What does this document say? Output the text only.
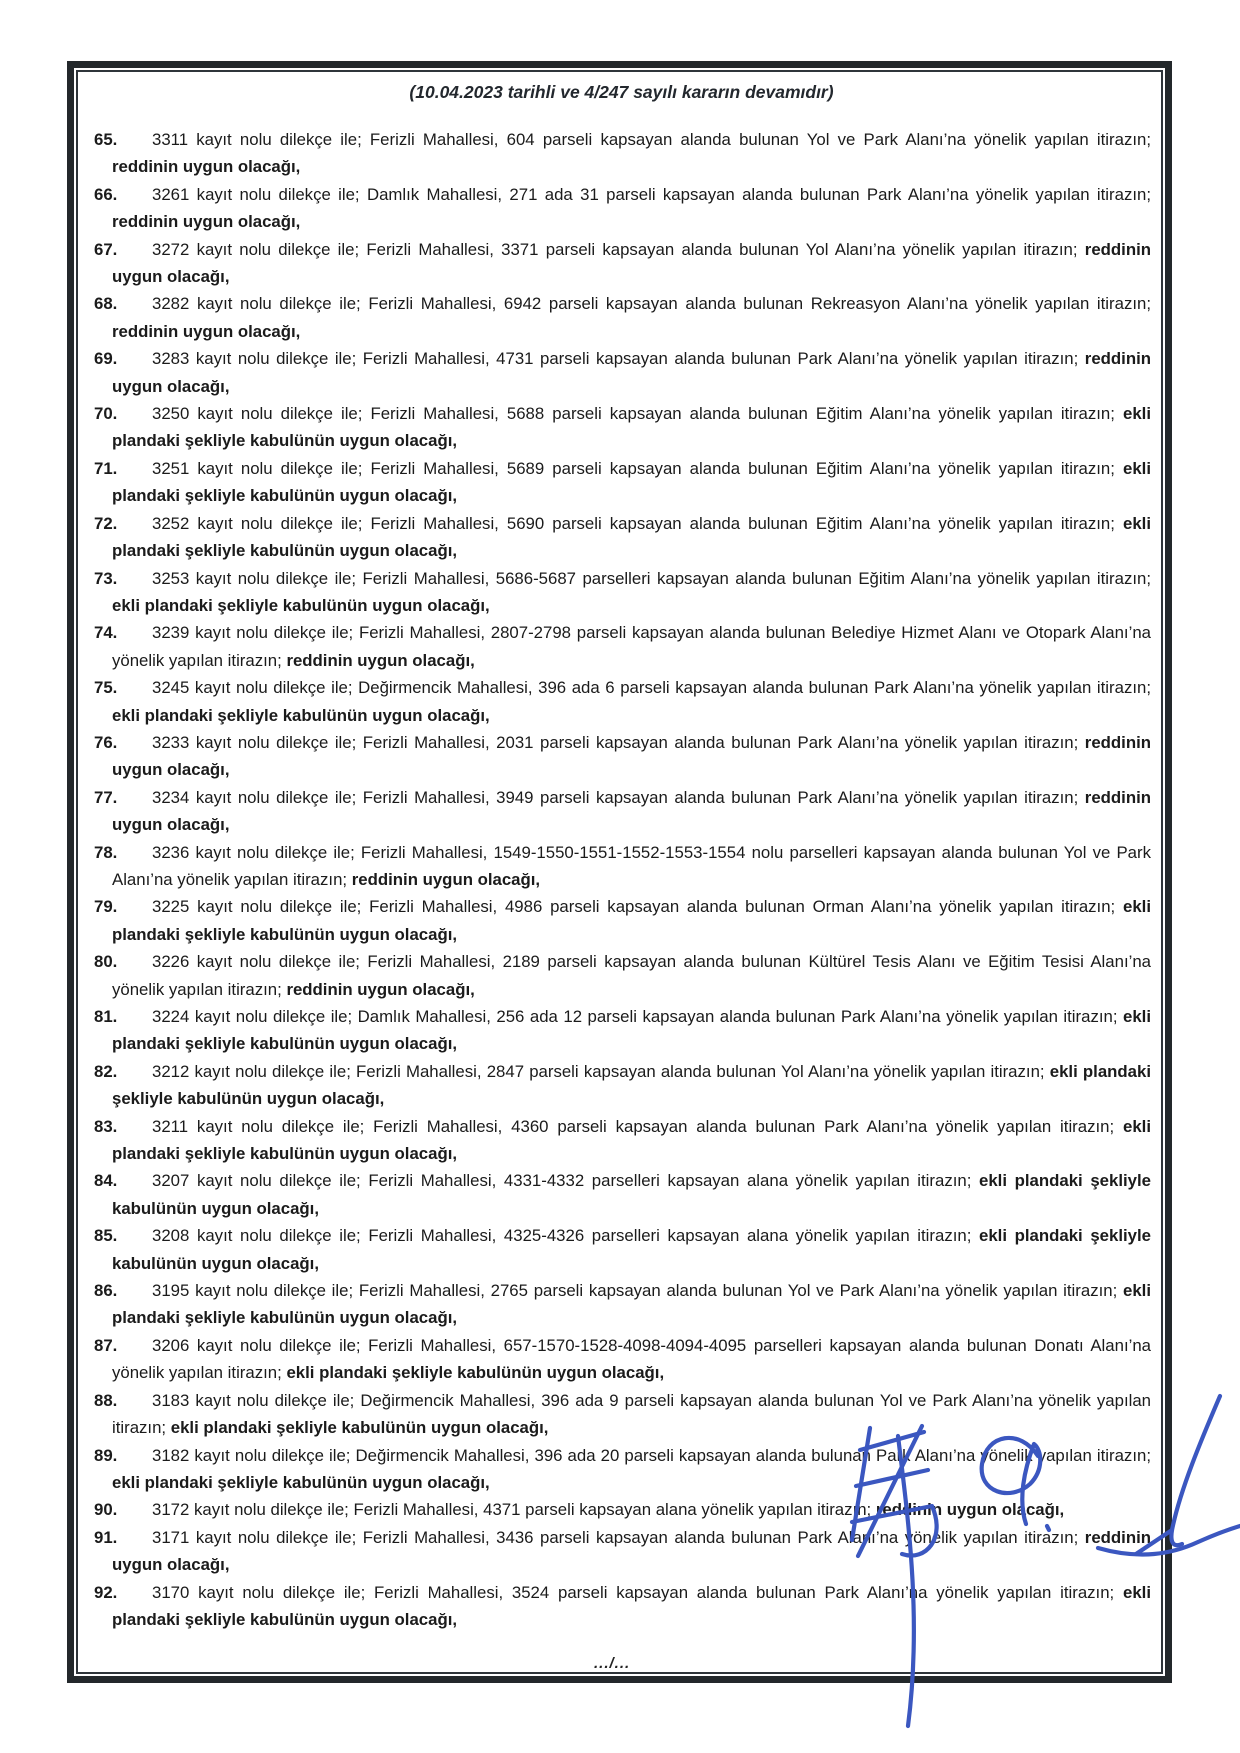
(10.04.2023 tarihli ve 4/247 sayılı kararın devamıdır)
65.	3311 kayıt nolu dilekçe ile; Ferizli Mahallesi, 604 parseli kapsayan alanda bulunan Yol ve Park Alanı’na yönelik yapılan itirazın; reddinin uygun olacağı,
66.	3261 kayıt nolu dilekçe ile; Damlık Mahallesi, 271 ada 31 parseli kapsayan alanda bulunan Park Alanı’na yönelik yapılan itirazın; reddinin uygun olacağı,
67.	3272 kayıt nolu dilekçe ile; Ferizli Mahallesi, 3371 parseli kapsayan alanda bulunan Yol Alanı’na yönelik yapılan itirazın; reddinin uygun olacağı,
68.	3282 kayıt nolu dilekçe ile; Ferizli Mahallesi, 6942 parseli kapsayan alanda bulunan Rekreasyon Alanı’na yönelik yapılan itirazın; reddinin uygun olacağı,
69.	3283 kayıt nolu dilekçe ile; Ferizli Mahallesi, 4731 parseli kapsayan alanda bulunan Park Alanı’na yönelik yapılan itirazın; reddinin uygun olacağı,
70.	3250 kayıt nolu dilekçe ile; Ferizli Mahallesi, 5688 parseli kapsayan alanda bulunan Eğitim Alanı’na yönelik yapılan itirazın; ekli plandaki şekliyle kabulünün uygun olacağı,
71.	3251 kayıt nolu dilekçe ile; Ferizli Mahallesi, 5689 parseli kapsayan alanda bulunan Eğitim Alanı’na yönelik yapılan itirazın; ekli plandaki şekliyle kabulünün uygun olacağı,
72.	3252 kayıt nolu dilekçe ile; Ferizli Mahallesi, 5690 parseli kapsayan alanda bulunan Eğitim Alanı’na yönelik yapılan itirazın; ekli plandaki şekliyle kabulünün uygun olacağı,
73.	3253 kayıt nolu dilekçe ile; Ferizli Mahallesi, 5686-5687 parselleri kapsayan alanda bulunan Eğitim Alanı’na yönelik yapılan itirazın; ekli plandaki şekliyle kabulünün uygun olacağı,
74.	3239 kayıt nolu dilekçe ile; Ferizli Mahallesi, 2807-2798 parseli kapsayan alanda bulunan Belediye Hizmet Alanı ve Otopark Alanı’na yönelik yapılan itirazın; reddinin uygun olacağı,
75.	3245 kayıt nolu dilekçe ile; Değirmencik Mahallesi, 396 ada 6 parseli kapsayan alanda bulunan Park Alanı’na yönelik yapılan itirazın; ekli plandaki şekliyle kabulünün uygun olacağı,
76.	3233 kayıt nolu dilekçe ile; Ferizli Mahallesi, 2031 parseli kapsayan alanda bulunan Park Alanı’na yönelik yapılan itirazın; reddinin uygun olacağı,
77.	3234 kayıt nolu dilekçe ile; Ferizli Mahallesi, 3949 parseli kapsayan alanda bulunan Park Alanı’na yönelik yapılan itirazın; reddinin uygun olacağı,
78.	3236 kayıt nolu dilekçe ile; Ferizli Mahallesi, 1549-1550-1551-1552-1553-1554 nolu parselleri kapsayan alanda bulunan Yol ve Park Alanı’na yönelik yapılan itirazın; reddinin uygun olacağı,
79.	3225 kayıt nolu dilekçe ile; Ferizli Mahallesi, 4986 parseli kapsayan alanda bulunan Orman Alanı’na yönelik yapılan itirazın; ekli plandaki şekliyle kabulünün uygun olacağı,
80.	3226 kayıt nolu dilekçe ile; Ferizli Mahallesi, 2189 parseli kapsayan alanda bulunan Kültürel Tesis Alanı ve Eğitim Tesisi Alanı’na yönelik yapılan itirazın; reddinin uygun olacağı,
81.	3224 kayıt nolu dilekçe ile; Damlık Mahallesi, 256 ada 12 parseli kapsayan alanda bulunan Park Alanı’na yönelik yapılan itirazın; ekli plandaki şekliyle kabulünün uygun olacağı,
82.	3212 kayıt nolu dilekçe ile; Ferizli Mahallesi, 2847 parseli kapsayan alanda bulunan Yol Alanı’na yönelik yapılan itirazın; ekli plandaki şekliyle kabulünün uygun olacağı,
83.	3211 kayıt nolu dilekçe ile; Ferizli Mahallesi, 4360 parseli kapsayan alanda bulunan Park Alanı’na yönelik yapılan itirazın; ekli plandaki şekliyle kabulünün uygun olacağı,
84.	3207 kayıt nolu dilekçe ile; Ferizli Mahallesi, 4331-4332 parselleri kapsayan alana yönelik yapılan itirazın; ekli plandaki şekliyle kabulünün uygun olacağı,
85.	3208 kayıt nolu dilekçe ile; Ferizli Mahallesi, 4325-4326 parselleri kapsayan alana yönelik yapılan itirazın; ekli plandaki şekliyle kabulünün uygun olacağı,
86.	3195 kayıt nolu dilekçe ile; Ferizli Mahallesi, 2765 parseli kapsayan alanda bulunan Yol ve Park Alanı’na yönelik yapılan itirazın; ekli plandaki şekliyle kabulünün uygun olacağı,
87.	3206 kayıt nolu dilekçe ile; Ferizli Mahallesi, 657-1570-1528-4098-4094-4095 parselleri kapsayan alanda bulunan Donatı Alanı’na yönelik yapılan itirazın; ekli plandaki şekliyle kabulünün uygun olacağı,
88.	3183 kayıt nolu dilekçe ile; Değirmencik Mahallesi, 396 ada 9 parseli kapsayan alanda bulunan Yol ve Park Alanı’na yönelik yapılan itirazın; ekli plandaki şekliyle kabulünün uygun olacağı,
89.	3182 kayıt nolu dilekçe ile; Değirmencik Mahallesi, 396 ada 20 parseli kapsayan alanda bulunan Park Alanı’na yönelik yapılan itirazın; ekli plandaki şekliyle kabulünün uygun olacağı,
90.	3172 kayıt nolu dilekçe ile; Ferizli Mahallesi, 4371 parseli kapsayan alana yönelik yapılan itirazın; reddinin uygun olacağı,
91.	3171 kayıt nolu dilekçe ile; Ferizli Mahallesi, 3436 parseli kapsayan alanda bulunan Park Alanı’na yönelik yapılan itirazın; reddinin uygun olacağı,
92.	3170 kayıt nolu dilekçe ile; Ferizli Mahallesi, 3524 parseli kapsayan alanda bulunan Park Alanı’na yönelik yapılan itirazın; ekli plandaki şekliyle kabulünün uygun olacağı,
.../...
